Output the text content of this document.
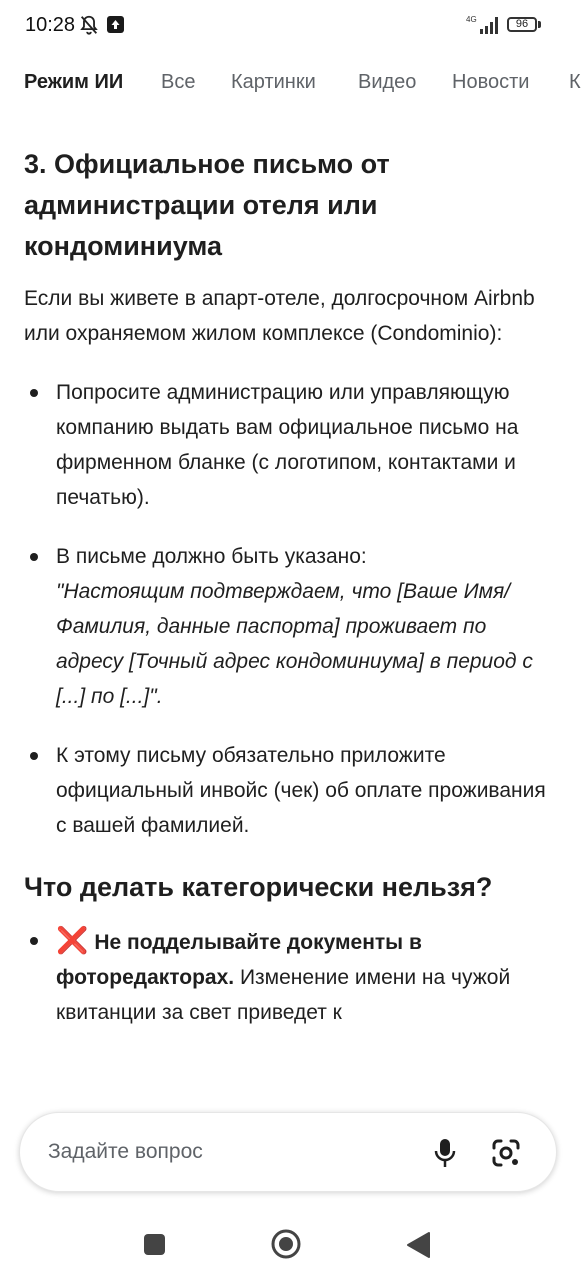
10:28	4G	96
Режим ИИ Все Картинки Видео Новости К
3. Официальное письмо от администрации отеля или кондоминиума

Если вы живете в апарт-отеле, долгосрочном Airbnb или охраняемом жилом комплексе (Condominio):

Попросите администрацию или управляющую компанию выдать вам официальное письмо на фирменном бланке (с логотипом, контактами и печатью).
В письме должно быть указано:
"Настоящим подтверждаем, что [Ваше Имя/Фамилия, данные паспорта] проживает по адресу [Точный адрес кондоминиума] в период с [...] по [...]".
К этому письму обязательно приложите официальный инвойс (чек) об оплате проживания с вашей фамилией.
Что делать категорически нельзя?
❌ Не подделывайте документы в фоторедакторах. Изменение имени на чужой квитанции за свет приведет к
Задайте вопрос
